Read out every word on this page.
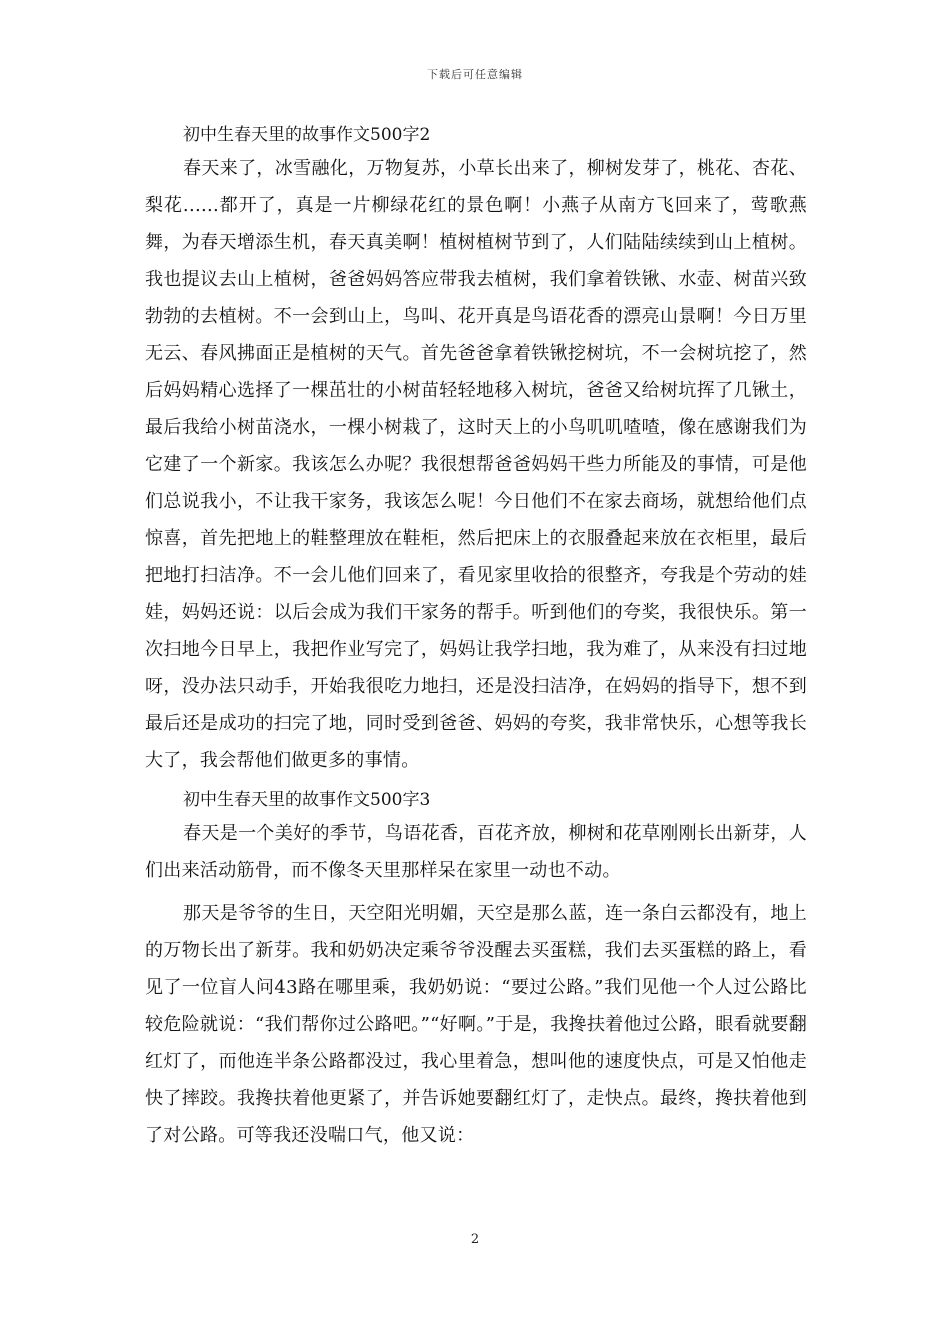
下载后可任意编辑

初中生春天里的故事作文500字2

春天来了，冰雪融化，万物复苏，小草长出来了，柳树发芽了，桃花、杏花、梨花......都开了，真是一片柳绿花红的景色啊！小燕子从南方飞回来了，莺歌燕舞，为春天增添生机，春天真美啊！植树植树节到了，人们陆陆续续到山上植树。我也提议去山上植树，爸爸妈妈答应带我去植树，我们拿着铁锹、水壶、树苗兴致勃勃的去植树。不一会到山上，鸟叫、花开真是鸟语花香的漂亮山景啊！今日万里无云、春风拂面正是植树的天气。首先爸爸拿着铁锹挖树坑，不一会树坑挖了，然后妈妈精心选择了一棵茁壮的小树苗轻轻地移入树坑，爸爸又给树坑挥了几锹土，最后我给小树苗浇水，一棵小树栽了，这时天上的小鸟叽叽喳喳，像在感谢我们为它建了一个新家。我该怎么办呢？我很想帮爸爸妈妈干些力所能及的事情，可是他们总说我小，不让我干家务，我该怎么呢！今日他们不在家去商场，就想给他们点惊喜，首先把地上的鞋整理放在鞋柜，然后把床上的衣服叠起来放在衣柜里，最后把地打扫洁净。不一会儿他们回来了，看见家里收拾的很整齐，夸我是个劳动的娃娃，妈妈还说：以后会成为我们干家务的帮手。听到他们的夸奖，我很快乐。第一次扫地今日早上，我把作业写完了，妈妈让我学扫地，我为难了，从来没有扫过地呀，没办法只动手，开始我很吃力地扫，还是没扫洁净，在妈妈的指导下，想不到最后还是成功的扫完了地，同时受到爸爸、妈妈的夸奖，我非常快乐，心想等我长大了，我会帮他们做更多的事情。

初中生春天里的故事作文500字3

春天是一个美好的季节，鸟语花香，百花齐放，柳树和花草刚刚长出新芽，人们出来活动筋骨，而不像冬天里那样呆在家里一动也不动。

那天是爷爷的生日，天空阳光明媚，天空是那么蓝，连一条白云都没有，地上的万物长出了新芽。我和奶奶决定乘爷爷没醒去买蛋糕，我们去买蛋糕的路上，看见了一位盲人问43路在哪里乘，我奶奶说：“要过公路。”我们见他一个人过公路比较危险就说：“我们帮你过公路吧。”“好啊。”于是，我搀扶着他过公路，眼看就要翻红灯了，而他连半条公路都没过，我心里着急，想叫他的速度快点，可是又怕他走快了摔跤。我搀扶着他更紧了，并告诉她要翻红灯了，走快点。最终，搀扶着他到了对公路。可等我还没喘口气，他又说：

2
